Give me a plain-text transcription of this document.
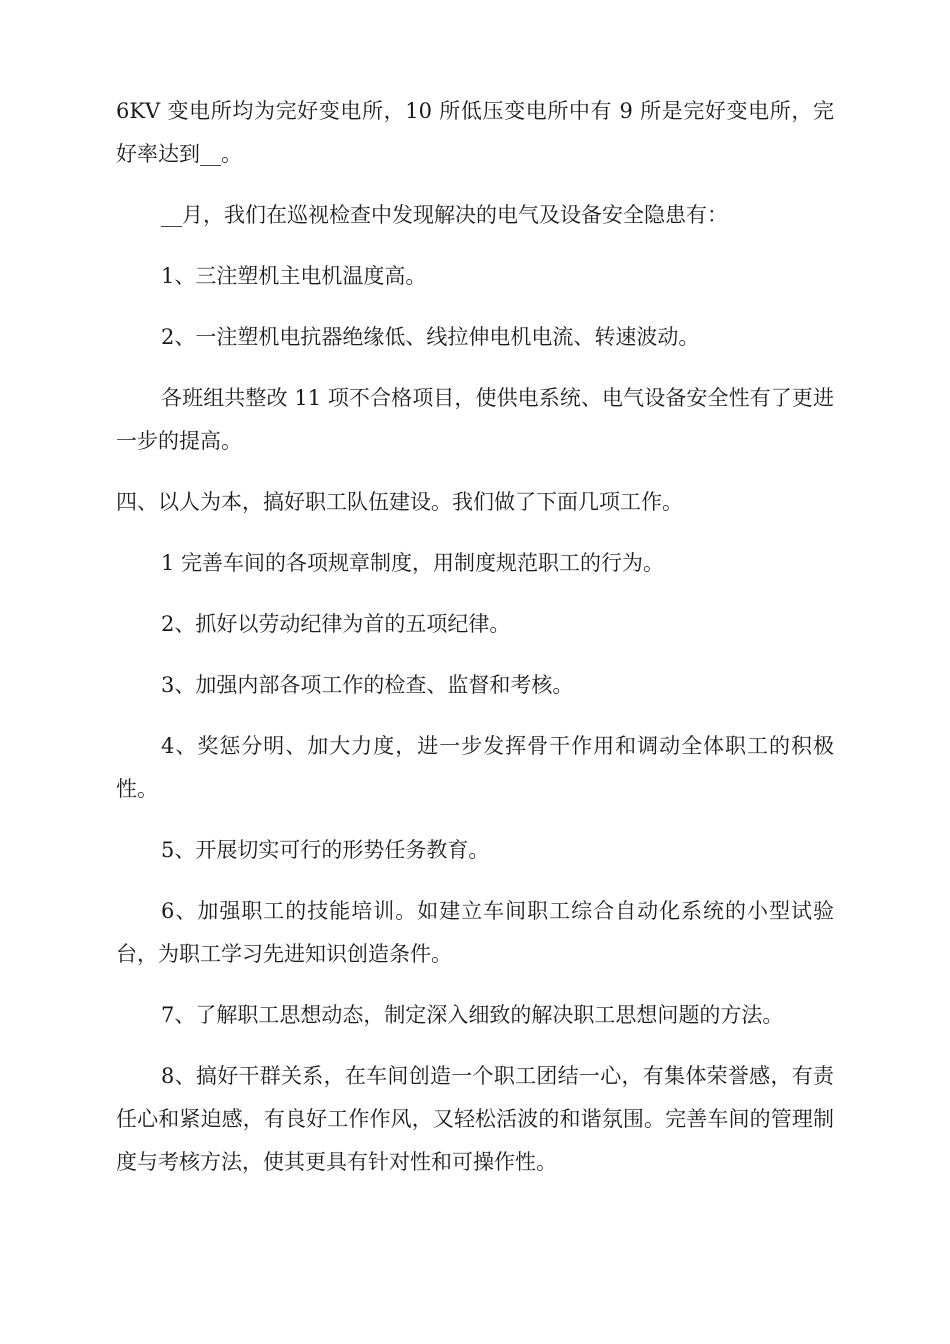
6KV 变电所均为完好变电所，10 所低压变电所中有 9 所是完好变电所，完好率达到__。

__月，我们在巡视检查中发现解决的电气及设备安全隐患有：

1、三注塑机主电机温度高。

2、一注塑机电抗器绝缘低、线拉伸电机电流、转速波动。

各班组共整改 11 项不合格项目，使供电系统、电气设备安全性有了更进一步的提高。

四、以人为本，搞好职工队伍建设。我们做了下面几项工作。

1 完善车间的各项规章制度，用制度规范职工的行为。

2、抓好以劳动纪律为首的五项纪律。

3、加强内部各项工作的检查、监督和考核。

4、奖惩分明、加大力度，进一步发挥骨干作用和调动全体职工的积极性。

5、开展切实可行的形势任务教育。

6、加强职工的技能培训。如建立车间职工综合自动化系统的小型试验台，为职工学习先进知识创造条件。

7、了解职工思想动态，制定深入细致的解决职工思想问题的方法。

8、搞好干群关系，在车间创造一个职工团结一心，有集体荣誉感，有责任心和紧迫感，有良好工作作风，又轻松活波的和谐氛围。完善车间的管理制度与考核方法，使其更具有针对性和可操作性。
